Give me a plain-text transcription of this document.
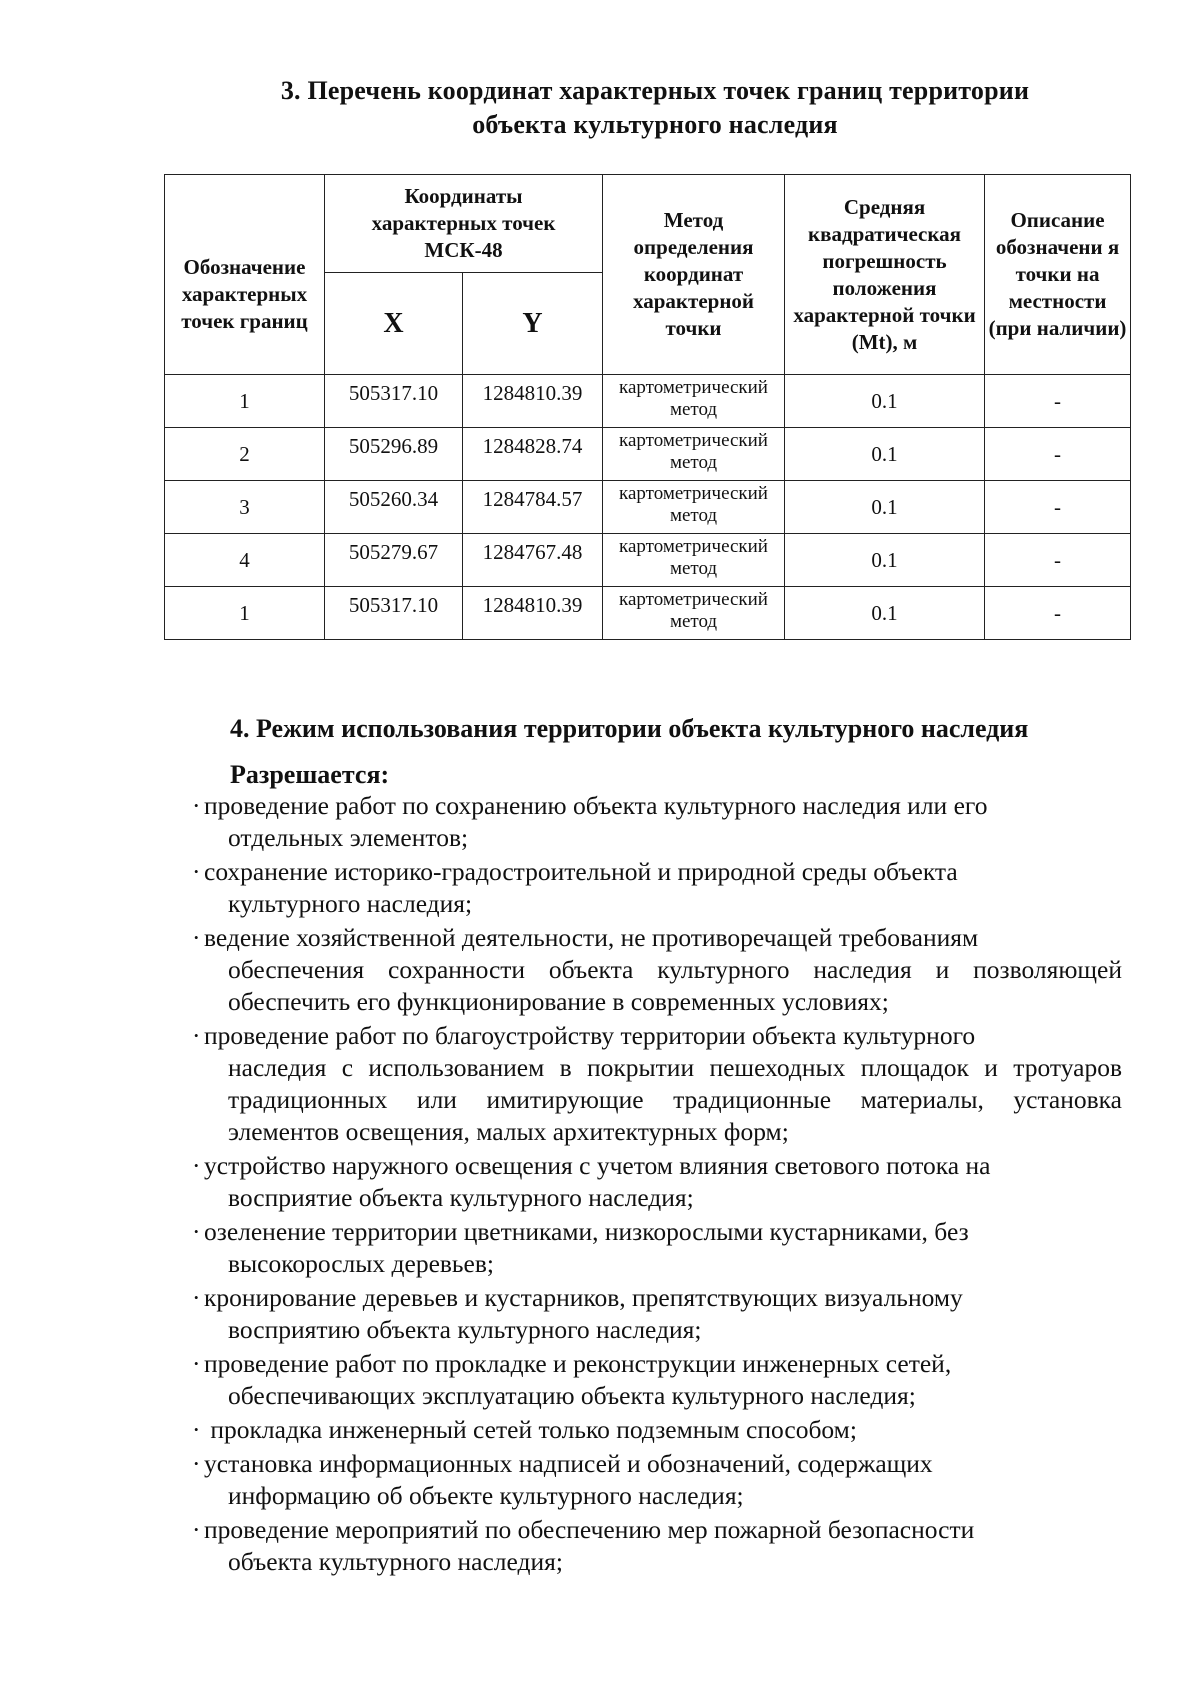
3. Перечень координат характерных точек границ территории
объекта культурного наследия
Обозначение характерных точек границ	Координаты характерных точек МСК-48		Метод определения координат характерной точки	Средняя квадратическая погрешность положения характерной точки (Mt), м	Описание обозначени я точки на местности (при наличии)
	X	Y			
1	505317.10	1284810.39	картометрический метод	0.1	-
2	505296.89	1284828.74	картометрический метод	0.1	-
3	505260.34	1284784.57	картометрический метод	0.1	-
4	505279.67	1284767.48	картометрический метод	0.1	-
1	505317.10	1284810.39	картометрический метод	0.1	-
4. Режим использования территории объекта культурного наследия
Разрешается:
· проведение работ по сохранению объекта культурного наследия или его
отдельных элементов;
· сохранение историко-градостроительной и природной среды объекта
культурного наследия;
· ведение хозяйственной деятельности, не противоречащей требованиям
обеспечения сохранности объекта культурного наследия и позволяющей обеспечить его функционирование в современных условиях;
· проведение работ по благоустройству территории объекта культурного
наследия с использованием в покрытии пешеходных площадок и тротуаров традиционных или имитирующие традиционные материалы, установка элементов освещения, малых архитектурных форм;
· устройство наружного освещения с учетом влияния светового потока на
восприятие объекта культурного наследия;
· озеленение территории цветниками, низкорослыми кустарниками, без
высокорослых деревьев;
· кронирование деревьев и кустарников, препятствующих визуальному
восприятию объекта культурного наследия;
· проведение работ по прокладке и реконструкции инженерных сетей,
обеспечивающих эксплуатацию объекта культурного наследия;
· прокладка инженерный сетей только подземным способом;
· установка информационных надписей и обозначений, содержащих
информацию об объекте культурного наследия;
· проведение мероприятий по обеспечению мер пожарной безопасности
объекта культурного наследия;
